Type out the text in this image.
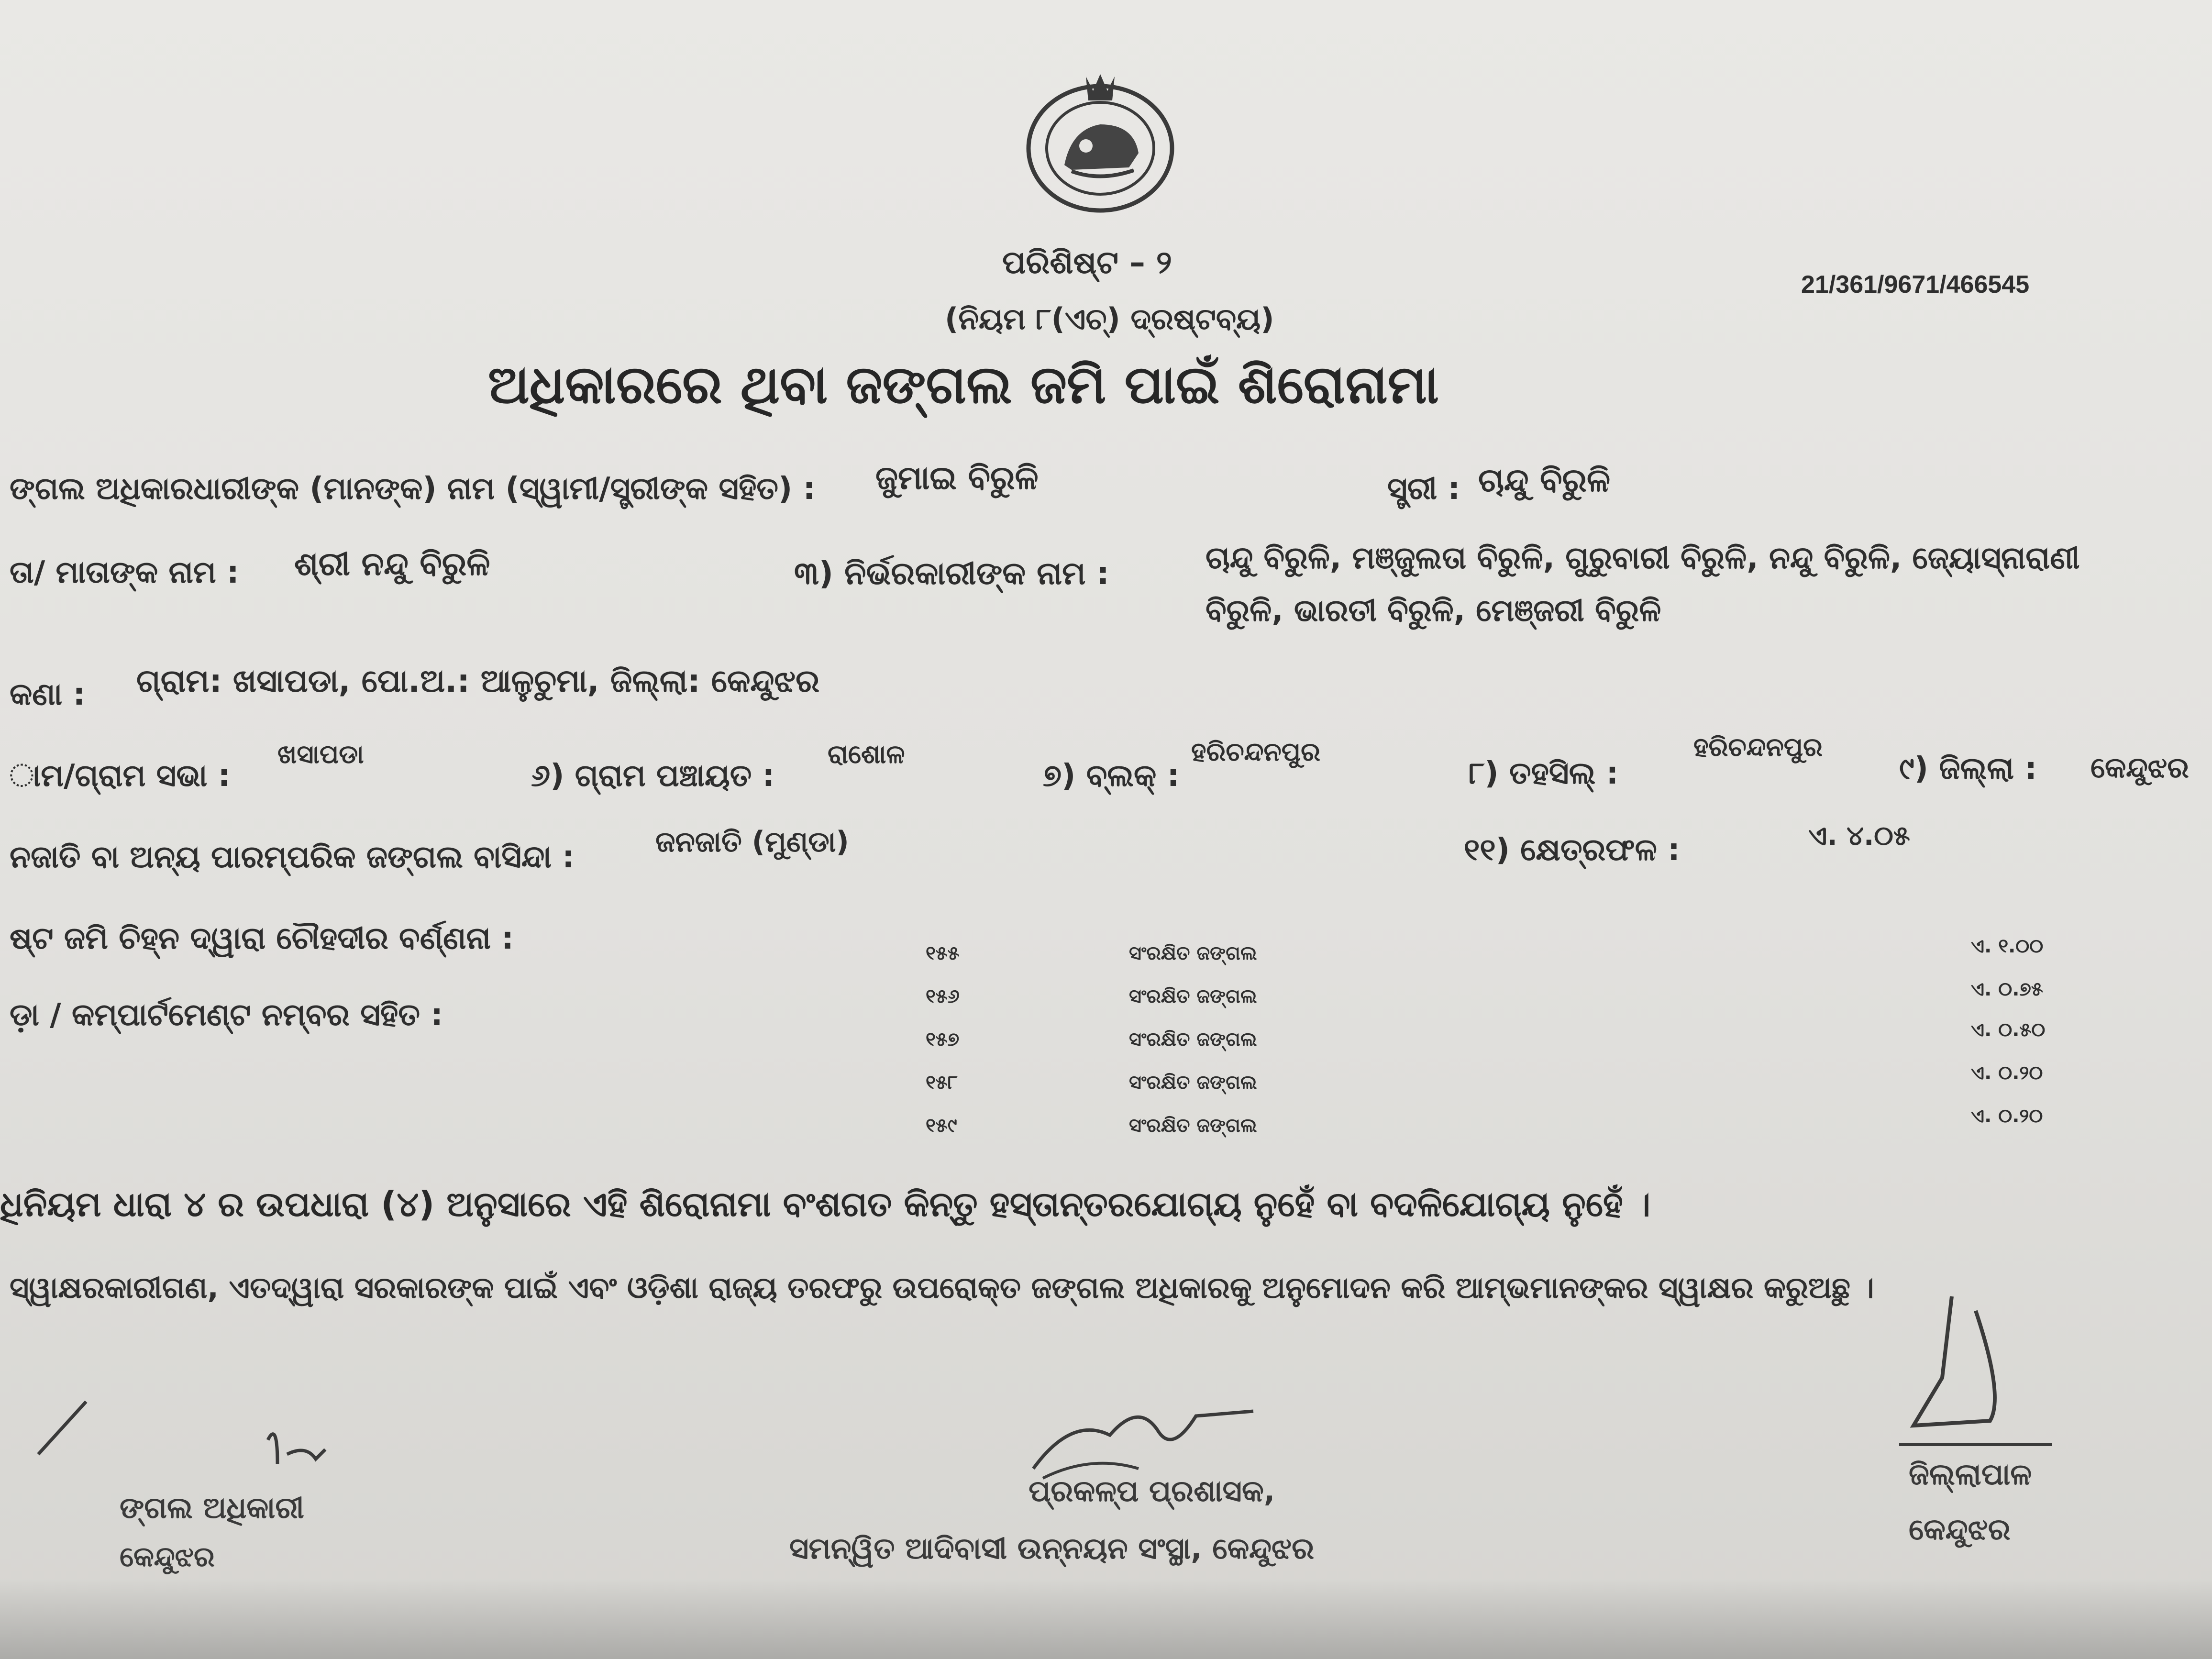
ପରିଶିଷ୍ଟ – ୨
21/361/9671/466545
(ନିୟମ ୮(ଏଚ୍) ଦ୍ରଷ୍ଟବ୍ୟ)
ଅଧିକାରରେ ଥିବା ଜଙ୍ଗଲ ଜମି ପାଇଁ ଶିରୋନାମା
ଙ୍ଗଲ ଅଧିକାରଧାରୀଙ୍କ (ମାନଙ୍କ) ନାମ (ସ୍ୱାମୀ/ସ୍ତ୍ରୀଙ୍କ ସହିତ) : ଜୁମାଇ ବିରୁଳି	ସ୍ତ୍ରୀ : ଚାନ୍ଦୁ ବିରୁଳି
ତା/ ମାତାଙ୍କ ନାମ : ଶ୍ରୀ ନନ୍ଦୁ ବିରୁଳି	୩) ନିର୍ଭରକାରୀଙ୍କ ନାମ :	ଚାନ୍ଦୁ ବିରୁଳି, ମଞ୍ଜୁଲତା ବିରୁଳି, ଗୁରୁବାରୀ ବିରୁଳି, ନନ୍ଦୁ ବିରୁଳି, ଜ୍ୟୋସ୍ନାରାଣୀ
ବିରୁଳି, ଭାରତୀ ବିରୁଳି, ମେଞ୍ଜରୀ ବିରୁଳି
କଣା : ଗ୍ରାମ: ଖସାପଡା, ପୋ.ଅ.: ଆଳୁଚୁମା, ଜିଲ୍ଲା: କେନ୍ଦୁଝର
ାମ/ଗ୍ରାମ ସଭା :
ଖସାପଡା
୬) ଗ୍ରାମ ପଞ୍ଚାୟତ :
ରାଶୋଳ
୭) ବ୍ଲକ୍ :
ହରିଚନ୍ଦନପୁର
୮) ତହସିଲ୍ :
ହରିଚନ୍ଦନପୁର
୯) ଜିଲ୍ଲା : କେନ୍ଦୁଝର
ନଜାତି ବା ଅନ୍ୟ ପାରମ୍ପରିକ ଜଙ୍ଗଲ ବାସିନ୍ଦା :	ଜନଜାତି (ମୁଣ୍ଡା)	୧୧) କ୍ଷେତ୍ରଫଳ :	ଏ. ୪.୦୫
ଷ୍ଟ ଜମି ଚିହ୍ନ ଦ୍ୱାରା ଚୌହଦୀର ବର୍ଣ୍ଣନା :
ଡ଼ା / କମ୍ପାର୍ଟମେଣ୍ଟ ନମ୍ବର ସହିତ :
୧୫୫	ସଂରକ୍ଷିତ ଜଙ୍ଗଲ	ଏ. ୧.୦୦
୧୫୬	ସଂରକ୍ଷିତ ଜଙ୍ଗଲ	ଏ. ୦.୭୫
୧୫୭	ସଂରକ୍ଷିତ ଜଙ୍ଗଲ	ଏ. ୦.୫୦
୧୫୮	ସଂରକ୍ଷିତ ଜଙ୍ଗଲ	ଏ. ୦.୨୦
୧୫୯	ସଂରକ୍ଷିତ ଜଙ୍ଗଲ	ଏ. ୦.୨୦
ଧିନିୟମ ଧାରା ୪ ର ଉପଧାରା (୪) ଅନୁସାରେ ଏହି ଶିରୋନାମା ବଂଶଗତ କିନ୍ତୁ ହସ୍ତାନ୍ତରଯୋଗ୍ୟ ନୁହେଁ ବା ବଦଳିଯୋଗ୍ୟ ନୁହେଁ ।
ସ୍ୱାକ୍ଷରକାରୀଗଣ, ଏତଦ୍ୱାରା ସରକାରଙ୍କ ପାଇଁ ଏବଂ ଓଡ଼ିଶା ରାଜ୍ୟ ତରଫରୁ ଉପରୋକ୍ତ ଜଙ୍ଗଲ ଅଧିକାରକୁ ଅନୁମୋଦନ କରି ଆମ୍ଭମାନଙ୍କର ସ୍ୱାକ୍ଷର କରୁଅଛୁ ।
ଙ୍ଗଲ ଅଧିକାରୀ
କେନ୍ଦୁଝର
ପ୍ରକଳ୍ପ ପ୍ରଶାସକ,
ସମନ୍ୱିତ ଆଦିବାସୀ ଉନ୍ନୟନ ସଂସ୍ଥା, କେନ୍ଦୁଝର
ଜିଲ୍ଲାପାଳ
କେନ୍ଦୁଝର
